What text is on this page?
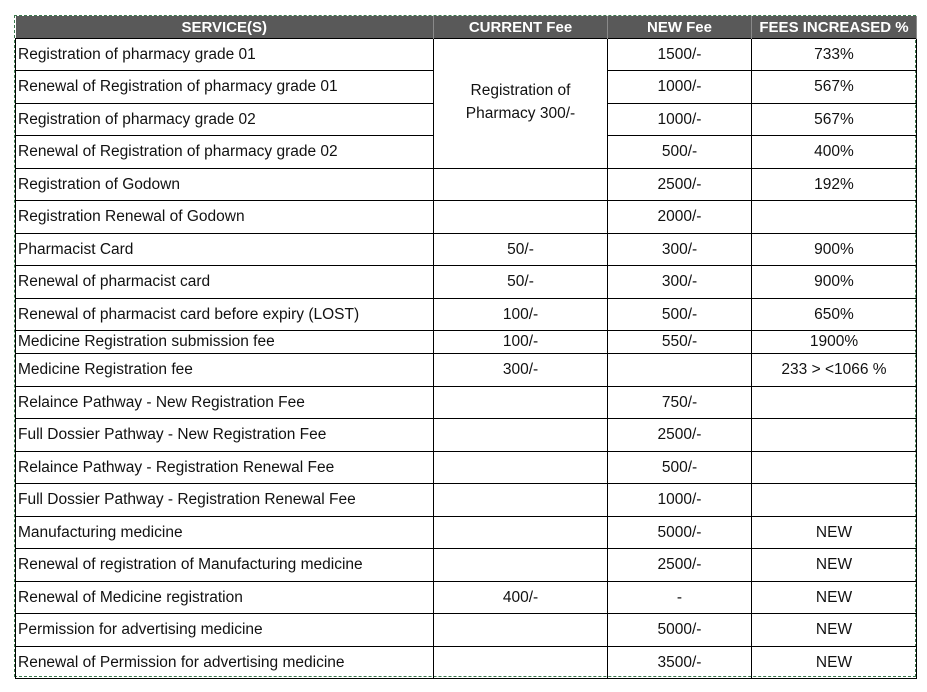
SERVICE(S)	CURRENT Fee	NEW Fee	FEES INCREASED %
Registration of pharmacy grade 01	Registration of Pharmacy 300/-	1500/-	733%
Renewal of Registration of pharmacy grade 01		1000/-	567%
Registration of pharmacy grade 02		1000/-	567%
Renewal of Registration of pharmacy grade 02		500/-	400%
Registration of Godown		2500/-	192%
Registration Renewal of Godown		2000/-	
Pharmacist Card	50/-	300/-	900%
Renewal of pharmacist card	50/-	300/-	900%
Renewal of pharmacist card before expiry (LOST)	100/-	500/-	650%
Medicine Registration submission fee	100/-	550/-	1900%
Medicine Registration fee	300/-		233 > <1066 %
Relaince Pathway - New Registration Fee		750/-	
Full Dossier Pathway - New Registration Fee		2500/-	
Relaince Pathway - Registration Renewal Fee		500/-	
Full Dossier Pathway - Registration Renewal Fee		1000/-	
Manufacturing medicine		5000/-	NEW
Renewal of registration of Manufacturing medicine		2500/-	NEW
Renewal of Medicine registration	400/-	-	NEW
Permission for advertising medicine		5000/-	NEW
Renewal of Permission for advertising medicine		3500/-	NEW
